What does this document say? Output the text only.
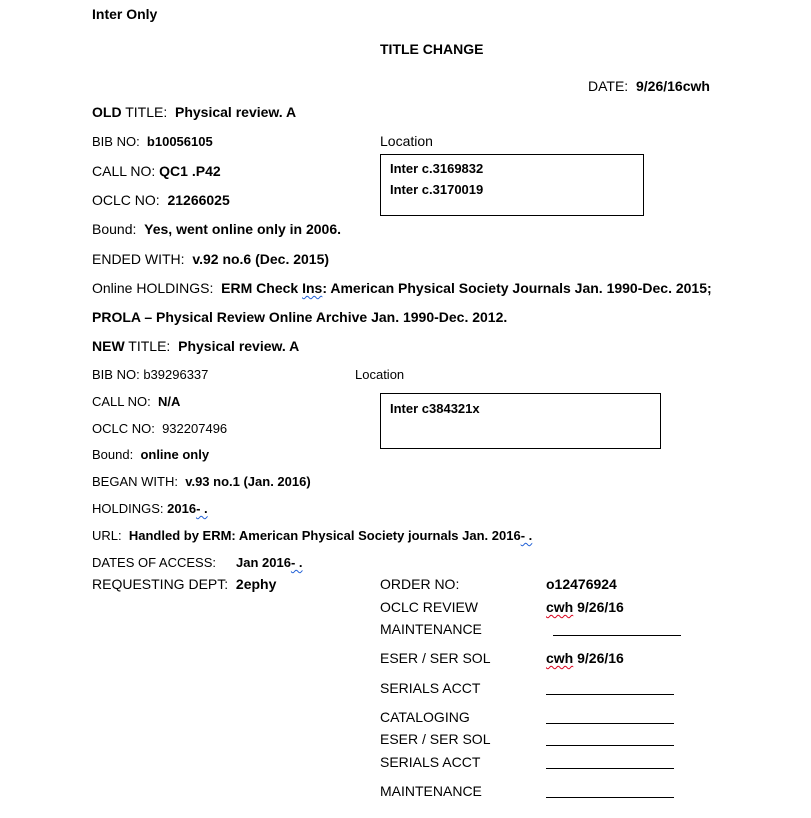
Inter Only
TITLE CHANGE
DATE: 9/26/16cwh
OLD TITLE: Physical review. A
BIB NO: b10056105	Location
CALL NO: QC1 .P42	Inter c.3169832
Inter c.3170019
OCLC NO: 21266025
Bound: Yes, went online only in 2006.
ENDED WITH: v.92 no.6 (Dec. 2015)
Online HOLDINGS: ERM Check Ins: American Physical Society Journals Jan. 1990-Dec. 2015;
PROLA – Physical Review Online Archive Jan. 1990-Dec. 2012.
NEW TITLE: Physical review. A
BIB NO: b39296337	Location
CALL NO: N/A	Inter c384321x
OCLC NO: 932207496
Bound: online only
BEGAN WITH: v.93 no.1 (Jan. 2016)
HOLDINGS: 2016- .
URL: Handled by ERM: American Physical Society journals Jan. 2016- .
DATES OF ACCESS: Jan 2016- .
REQUESTING DEPT: 2ephy	ORDER NO:	o12476924
OCLC REVIEW	cwh 9/26/16
MAINTENANCE
ESER / SER SOL	cwh 9/26/16
SERIALS ACCT
CATALOGING
ESER / SER SOL
SERIALS ACCT
MAINTENANCE
